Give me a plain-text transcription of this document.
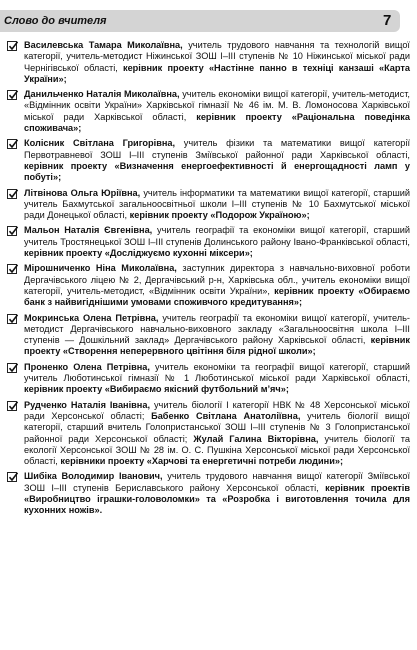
Слово до вчителя	7
Василевська Тамара Миколаївна, учитель трудового навчання та технологій вищої категорії, учитель-методист Ніжинської ЗОШ I–III ступенів № 10 Ніжинської міської ради Чернігівської області, керівник проекту «Настінне панно в техніці канзаші «Карта України»;
Данильченко Наталія Миколаївна, учитель економіки вищої категорії, учитель-методист, «Відмінник освіти України» Харківської гімназії № 46 ім. М. В. Ломоносова Харківської міської ради Харківської області, керівник проекту «Раціональна поведінка споживача»;
Колісник Світлана Григорівна, учитель фізики та математики вищої категорії Первотравневої ЗОШ I–III ступенів Зміївської районної ради Харківської області, керівник проекту «Визначення енергоефективності й енергощадності ламп у побуті»;
Літвінова Ольга Юріївна, учитель інформатики та математики вищої категорії, старший учитель Бахмутської загальноосвітньої школи I–III ступенів № 10 Бахмутської міської ради Донецької області, керівник проекту «Подорож Україною»;
Мальон Наталія Євгенівна, учитель географії та економіки вищої категорії, старший учитель Тростянецької ЗОШ I–III ступенів Долинського району Івано-Франківської області, керівник проекту «Досліджуємо кухонні міксери»;
Мірошниченко Ніна Миколаївна, заступник директора з навчально-виховної роботи Дергачівського ліцею № 2, Дергачівський р-н, Харківська обл., учитель економіки вищої категорії, учитель-методист, «Відмінник освіти України», керівник проекту «Обираємо банк з найвигіднішими умовами споживчого кредитування»;
Мокринська Олена Петрівна, учитель географії та економіки вищої категорії, учитель-методист Дергачівського навчально-виховного закладу «Загальноосвітня школа I–III ступенів — Дошкільний заклад» Дергачівського району Харківської області, керівник проекту «Створення неперервного цвітіння біля рідної школи»;
Проненко Олена Петрівна, учитель економіки та географії вищої категорії, старший учитель Люботинської гімназії № 1 Люботинської міської ради Харківської області, керівник проекту «Вибираємо якісний футбольний м’яч»;
Рудченко Наталія Іванівна, учитель біології I категорії НВК № 48 Херсонської міської ради Херсонської області; Бабенко Світлана Анатоліївна, учитель біології вищої категорії, старший вчитель Голопристанської ЗОШ I–III ступенів № 3 Голопристанської районної ради Херсонської області; Жулай Галина Вікторівна, учитель біології та екології Херсонської ЗОШ № 28 ім. О. С. Пушкіна Херсонської міської ради Херсонської області, керівники проекту «Харчові та енергетичні потреби людини»;
Шибіка Володимир Іванович, учитель трудового навчання вищої категорії Зміївської ЗОШ I–III ступенів Бериславського району Херсонської області, керівник проектів «Виробництво іграшки-головоломки» та «Розробка і виготовлення точила для кухонних ножів».
